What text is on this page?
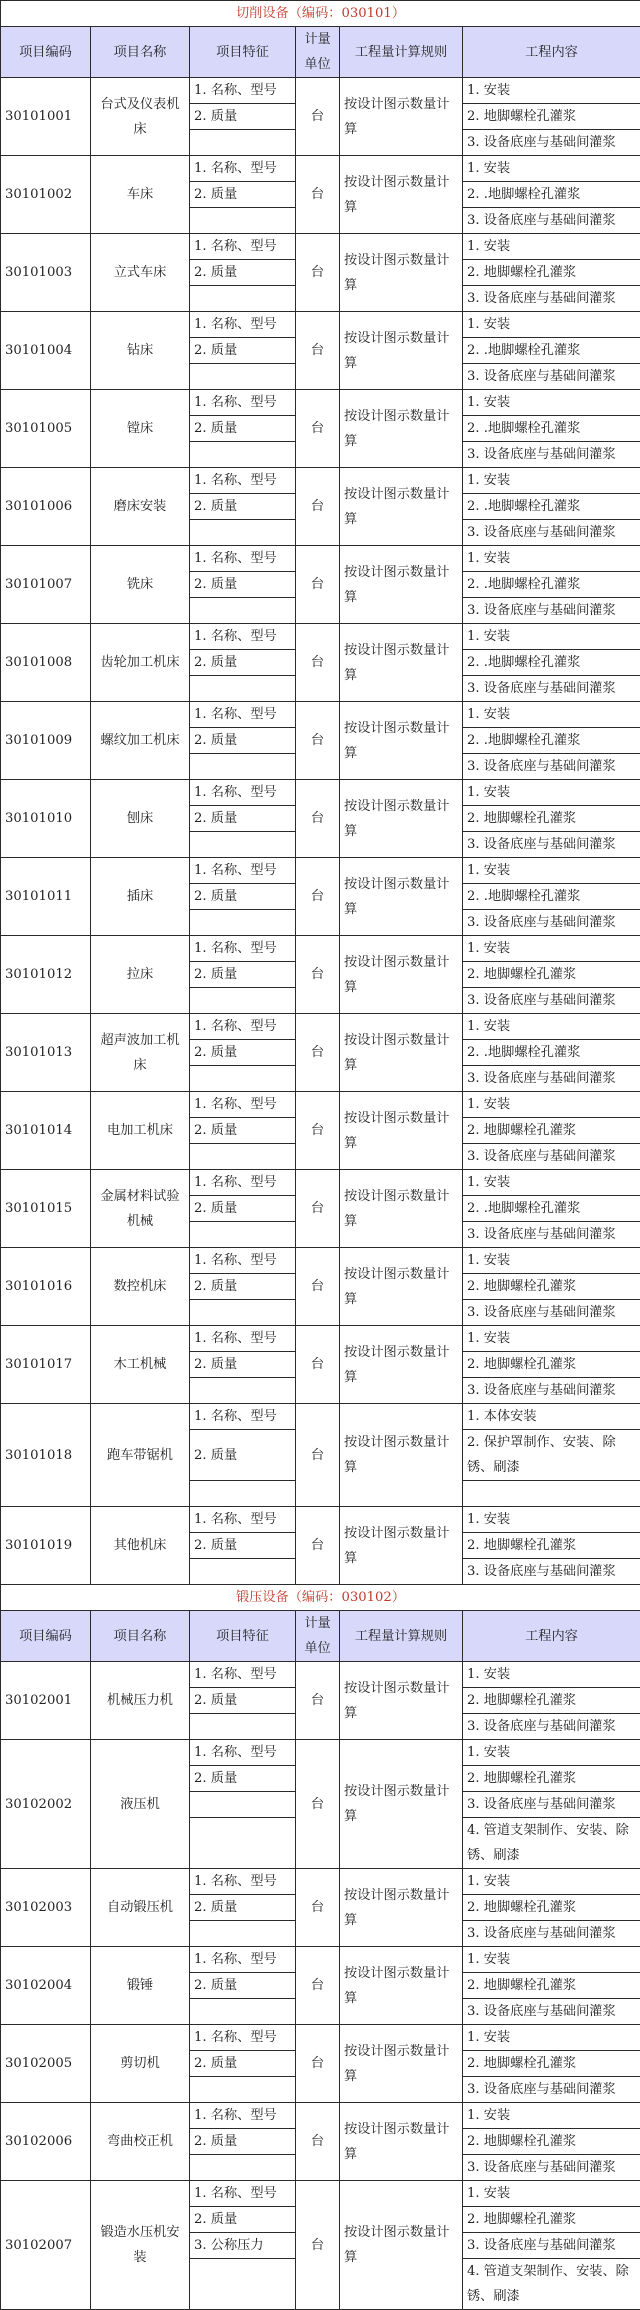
切削设备（编码：030101）					
项目编码	项目名称	项目特征	计量单位	工程量计算规则	工程内容
30101001	台式及仪表机床	1. 名称、型号	台	按设计图示数量计算	1. 安装
		2. 质量			2. 地脚螺栓孔灌浆
					3. 设备底座与基础间灌浆
30101002	车床	1. 名称、型号	台	按设计图示数量计算	1. 安装
		2. 质量			2. .地脚螺栓孔灌浆
					3. 设备底座与基础间灌浆
30101003	立式车床	1. 名称、型号	台	按设计图示数量计算	1. 安装
		2. 质量			2. 地脚螺栓孔灌浆
					3. 设备底座与基础间灌浆
30101004	钻床	1. 名称、型号	台	按设计图示数量计算	1. 安装
		2. 质量			2. .地脚螺栓孔灌浆
					3. 设备底座与基础间灌浆
30101005	镗床	1. 名称、型号	台	按设计图示数量计算	1. 安装
		2. 质量			2. .地脚螺栓孔灌浆
					3. 设备底座与基础间灌浆
30101006	磨床安装	1. 名称、型号	台	按设计图示数量计算	1. 安装
		2. 质量			2. .地脚螺栓孔灌浆
					3. 设备底座与基础间灌浆
30101007	铣床	1. 名称、型号	台	按设计图示数量计算	1. 安装
		2. 质量			2. .地脚螺栓孔灌浆
					3. 设备底座与基础间灌浆
30101008	齿轮加工机床	1. 名称、型号	台	按设计图示数量计算	1. 安装
		2. 质量			2. .地脚螺栓孔灌浆
					3. 设备底座与基础间灌浆
30101009	螺纹加工机床	1. 名称、型号	台	按设计图示数量计算	1. 安装
		2. 质量			2. .地脚螺栓孔灌浆
					3. 设备底座与基础间灌浆
30101010	刨床	1. 名称、型号	台	按设计图示数量计算	1. 安装
		2. 质量			2. 地脚螺栓孔灌浆
					3. 设备底座与基础间灌浆
30101011	插床	1. 名称、型号	台	按设计图示数量计算	1. 安装
		2. 质量			2. .地脚螺栓孔灌浆
					3. 设备底座与基础间灌浆
30101012	拉床	1. 名称、型号	台	按设计图示数量计算	1. 安装
		2. 质量			2. 地脚螺栓孔灌浆
					3. 设备底座与基础间灌浆
30101013	超声波加工机床	1. 名称、型号	台	按设计图示数量计算	1. 安装
		2. 质量			2. .地脚螺栓孔灌浆
					3. 设备底座与基础间灌浆
30101014	电加工机床	1. 名称、型号	台	按设计图示数量计算	1. 安装
		2. 质量			2. 地脚螺栓孔灌浆
					3. 设备底座与基础间灌浆
30101015	金属材料试验机械	1. 名称、型号	台	按设计图示数量计算	1. 安装
		2. 质量			2. .地脚螺栓孔灌浆
					3. 设备底座与基础间灌浆
30101016	数控机床	1. 名称、型号	台	按设计图示数量计算	1. 安装
		2. 质量			2. 地脚螺栓孔灌浆
					3. 设备底座与基础间灌浆
30101017	木工机械	1. 名称、型号	台	按设计图示数量计算	1. 安装
		2. 质量			2. 地脚螺栓孔灌浆
					3. 设备底座与基础间灌浆
30101018	跑车带锯机	1. 名称、型号	台	按设计图示数量计算	1. 本体安装
		2. 质量			2. 保护罩制作、安装、除锈、刷漆

30101019	其他机床	1. 名称、型号	台	按设计图示数量计算	1. 安装
		2. 质量			2. 地脚螺栓孔灌浆
					3. 设备底座与基础间灌浆
锻压设备（编码：030102）					
项目编码	项目名称	项目特征	计量单位	工程量计算规则	工程内容
30102001	机械压力机	1. 名称、型号	台	按设计图示数量计算	1. 安装
		2. 质量			2. 地脚螺栓孔灌浆
					3. 设备底座与基础间灌浆
30102002	液压机	1. 名称、型号	台	按设计图示数量计算	1. 安装
		2. 质量			2. 地脚螺栓孔灌浆
					3. 设备底座与基础间灌浆
					4. 管道支架制作、安装、除锈、刷漆
30102003	自动锻压机	1. 名称、型号	台	按设计图示数量计算	1. 安装
		2. 质量			2. 地脚螺栓孔灌浆
					3. 设备底座与基础间灌浆
30102004	锻锤	1. 名称、型号	台	按设计图示数量计算	1. 安装
		2. 质量			2. 地脚螺栓孔灌浆
					3. 设备底座与基础间灌浆
30102005	剪切机	1. 名称、型号	台	按设计图示数量计算	1. 安装
		2. 质量			2. 地脚螺栓孔灌浆
					3. 设备底座与基础间灌浆
30102006	弯曲校正机	1. 名称、型号	台	按设计图示数量计算	1. 安装
		2. 质量			2. 地脚螺栓孔灌浆
					3. 设备底座与基础间灌浆
30102007	锻造水压机安装	1. 名称、型号	台	按设计图示数量计算	1. 安装
		2. 质量			2. 地脚螺栓孔灌浆
		3. 公称压力			3. 设备底座与基础间灌浆
					4. 管道支架制作、安装、除锈、刷漆
